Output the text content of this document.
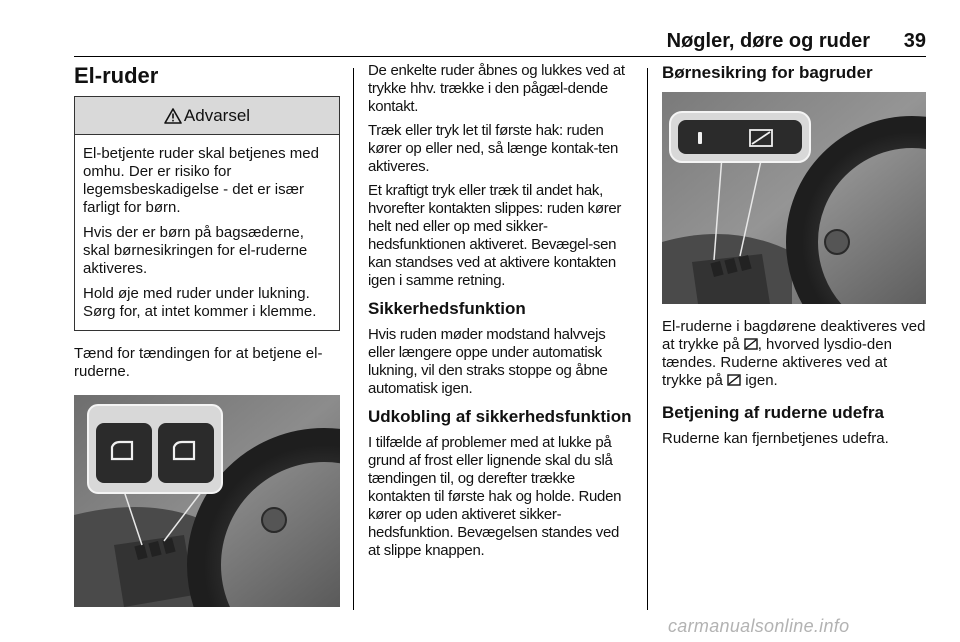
Nøgler, døre og ruder	39
El-ruder
Advarsel

El-betjente ruder skal betjenes med omhu. Der er risiko for legemsbeskadigelse - det er især farligt for børn.

Hvis der er børn på bagsæderne, skal børnesikringen for el-ruderne aktiveres.

Hold øje med ruder under lukning. Sørg for, at intet kommer i klemme.

Tænd for tændingen for at betjene el-ruderne.

De enkelte ruder åbnes og lukkes ved at trykke hhv. trække i den pågæl-dende kontakt.

Træk eller tryk let til første hak: ruden kører op eller ned, så længe kontak-ten aktiveres.

Et kraftigt tryk eller træk til andet hak, hvorefter kontakten slippes: ruden kører helt ned eller op med sikker-hedsfunktionen aktiveret. Bevægel-sen kan standses ved at aktivere kontakten igen i samme retning.

Sikkerhedsfunktion

Hvis ruden møder modstand halvvejs eller længere oppe under automatisk lukning, vil den straks stoppe og åbne automatisk igen.

Udkobling af sikkerhedsfunktion

I tilfælde af problemer med at lukke på grund af frost eller lignende skal du slå tændingen til, og derefter trække kontakten til første hak og holde. Ruden kører op uden aktiveret sikker-hedsfunktion. Bevægelsen standes ved at slippe knappen.

Børnesikring for bagruder

El-ruderne i bagdørene deaktiveres ved at trykke på , hvorved lysdio-den tændes. Ruderne aktiveres ved at trykke på  igen.

Betjening af ruderne udefra

Ruderne kan fjernbetjenes udefra.

carmanualsonline.info
